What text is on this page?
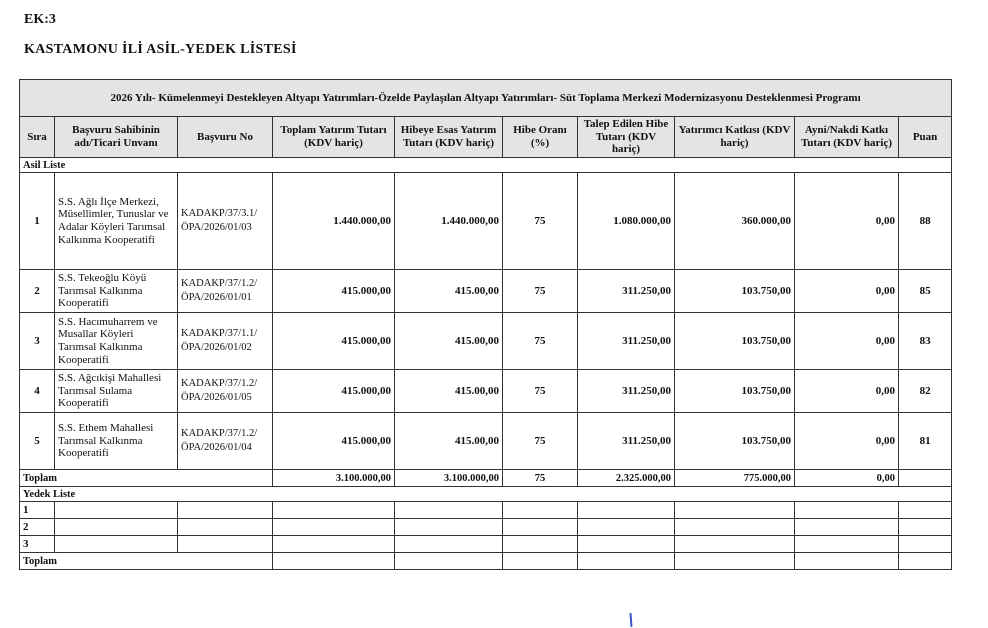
EK:3
KASTAMONU İLİ ASİL-YEDEK LİSTESİ
2026 Yılı- Kümelenmeyi Destekleyen Altyapı Yatırımları-Özelde Paylaşılan Altyapı Yatırımları- Süt Toplama Merkezi Modernizasyonu Desteklenmesi Programı									
Sıra	Başvuru Sahibinin adı/Ticari Unvanı	Başvuru No	Toplam Yatırım Tutarı (KDV hariç)	Hibeye Esas Yatırım Tutarı (KDV hariç)	Hibe Oranı (%)	Talep Edilen Hibe Tutarı (KDV hariç)	Yatırımcı Katkısı (KDV hariç)	Ayni/Nakdi Katkı Tutarı (KDV hariç)	Puan
Asil Liste									
1	S.S. Ağlı İlçe Merkezi, Müsellimler, Tunuslar ve Adalar Köyleri Tarımsal Kalkınma Kooperatifi	KADAKP/37/3.1/ ÖPA/2026/01/03	1.440.000,00	1.440.000,00	75	1.080.000,00	360.000,00	0,00	88
2	S.S. Tekeoğlu Köyü Tarımsal Kalkınma Kooperatifi	KADAKP/37/1.2/ ÖPA/2026/01/01	415.000,00	415.00,00	75	311.250,00	103.750,00	0,00	85
3	S.S. Hacımuharrem ve Musallar Köyleri Tarımsal Kalkınma Kooperatifi	KADAKP/37/1.1/ ÖPA/2026/01/02	415.000,00	415.00,00	75	311.250,00	103.750,00	0,00	83
4	S.S. Ağcıkişi Mahallesi Tarımsal Sulama Kooperatifi	KADAKP/37/1.2/ ÖPA/2026/01/05	415.000,00	415.00,00	75	311.250,00	103.750,00	0,00	82
5	S.S. Ethem Mahallesi Tarımsal Kalkınma Kooperatifi	KADAKP/37/1.2/ ÖPA/2026/01/04	415.000,00	415.00,00	75	311.250,00	103.750,00	0,00	81
Toplam			3.100.000,00	3.100.000,00	75	2.325.000,00	775.000,00	0,00	
Yedek Liste									
1									
2									
3									
Toplam									
